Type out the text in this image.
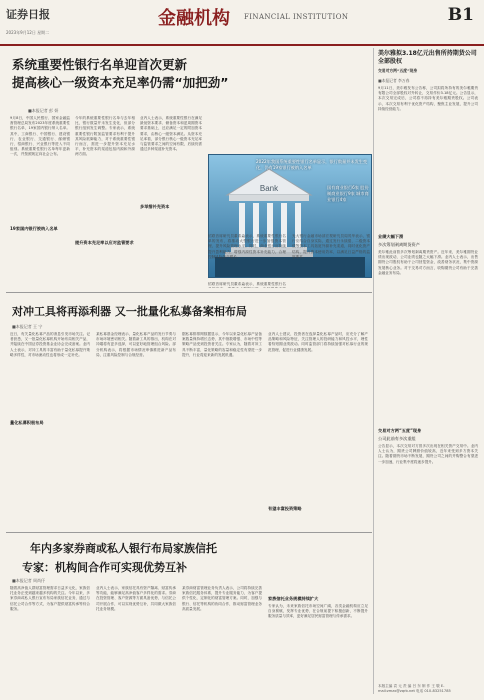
证券日报
2023年9月12日 星期二
金融机构 FINANCIAL INSTITUTION	B1
系统重要性银行名单迎首次更新
提高核心一级资本充足率仍需“加把劲”
■本报记者 彭 妍
9月8日，中国人民银行、国家金融监督管理总局发布2023年度系统重要性银行名单，19家国内银行纳入名单。其中，工商银行、中国银行、建设银行、农业银行、交通银行、邮储银行、招商银行、兴业银行等进入不同组别。系统重要性银行名单每年更新一次，并按照规定向社会公布。
19家国内银行被纳入名单
今年的系统重要性银行名单与去年相比，银行数量并未发生变化，但部分银行组别发生调整。专家表示，系统重要性银行附加监管要求有利于提升其风险抵御能力，对于系统重要性银行而言，需进一步提升资本充足水平，补充资本的渠道包括内源和外源两方面。
提升资本充足率以应对监管要求
业内人士表示，系统重要性银行在满足最低资本要求、储备资本和逆周期资本要求基础上，还应满足一定的附加资本要求，由核心一级资本满足。从资本充足率看，部分银行核心一级资本充足率与监管要求之间的空间有限，后续仍需通过多种渠道补充资本。
多举措补充资本
Bank
2022年我国系统重要性银行名单显示，银行数量并未发生变化，仍有19家银行被纳入名单
国有商业银行6家 股份制商业银行9家 城市商业银行4家
招联首席研究员董希淼表示，系统重要性银行名
招联首席研究员董希淼表示，系统重要性银行名单的发布，将推动大型银行进一步加强资本管理，提升风险管理水平。同时，商业银行应持续提升盈利能力，增强内源性资本补充能力，合理控制风险资产增长。
光大银行金融市场部宏观研究员周茂华表示，银行应结合自身实际，通过发行永续债、二级资本债等资本工具拓宽外源补充渠道，同时优化资产结构，提升资本使用效率，以满足日益严格的监管要求。
对冲工具将再添利器 又一批量化私募备案相布局
■本报记者 王 宁
近日，有关量化私募产品的消息引发市场关注。记者获悉，又一批量化私募机构开始布局相关产品，并陆续在中国证券投资基金业协会完成备案。业内人士表示，对冲工具的丰富有助于量化私募提升策略多样性，对市场流动性也将形成一定补充。
量化私募积极布局
某私募基金经理表示，量化私募产品的发行节奏与市场环境密切相关。随着新工具的推出，机构在对冲端将有更多选择，可以更好地管理组合风险。部分机构表示，将根据市场情况审慎推进新产品布局，注重风险控制与合规经营。
据私募排排网数据显示，今年以来量化私募产品备案数量保持增长态势，其中指数增强、市场中性等策略产品受到投资者关注。专家认为，随着对冲工具不断丰富，量化策略的容量和稳定性有望进一步提升，行业将迎来新的发展机遇。
业内人士建议，投资者在选择量化私募产品时，应充分了解产品策略和风险特征，关注管理人的投研能力和风控水平，理性看待短期业绩波动。同时监管部门将持续加强对私募行业的规范管理，促进行业健康发展。
有望丰富投资策略
年内多家券商或私人银行布局家族信托
专家：机构间合作可实现优势互补
■本报记者 周尚伃
随着高净值人群财富管理需求日益多元化，家族信托业务正受到越来越多机构的关注。今年以来，多家券商或私人银行宣布布局家族信托业务，通过与信托公司合作等方式，为客户提供财富传承等综合服务。
业内人士表示，家族信托具有资产隔离、财富传承等功能，能够满足高净值客户多样化的需求。券商在投资管理、客户资源等方面具备优势，与信托公司开展合作，可以实现优势互补，共同做大家族信托业务规模。
某券商财富管理业务负责人表示，公司将持续完善家族信托服务体系，提升专业服务能力，为客户提供个性化、定制化的财富管理方案。同时，加强与银行、信托等机构的协同合作，推动财富管理业务高质量发展。
家族信托业务规模持续扩大
专家认为，未来家族信托市场空间广阔，各类金融机构应立足自身禀赋，发挥专业优势，在合规前提下积极创新，不断提升服务质量与效率，更好满足居民财富管理与传承需求。
美尔雅拟3.18亿元出售所持期货公司全部股权
交易对方两“五度”现身
■本报记者 李万春
9月11日，美尔雅发布公告称，公司拟将所持有的美尔雅期货有限公司全部股权对外转让，交易作价3.18亿元。公告显示，本次交易完成后，公司将不再持有美尔雅期货股权。公司表示，本次交易有利于优化资产结构，聚焦主业发展，提升公司持续经营能力。
业绩大幅下滑
多次筹划剥离期货资产
美尔雅此前曾多次筹划剥离期货资产。近年来，美尔雅期货业绩出现波动，公司业绩也随之大幅下滑。业内人士表示，出售期货公司股权有助于公司回笼资金，改善财务状况，集中资源发展核心业务。对于交易对方而言，收购期货公司有助于完善金融业务布局。
交易对方两“五度”现身
公司此前有多次重组
公告显示，本次交易对方曾多次出现在相关资产交易中。业内人士认为，期货公司牌照价值较高，近年来受到多方资本关注。随着期货市场不断发展，期货公司之间的并购整合有望进一步加速，行业集中度将逐步提升。
本版主编 袁 元 责 编 吕 东 制 作 王 敬 E-mail:zmzx@zqrb.net 电话 010-83251785
